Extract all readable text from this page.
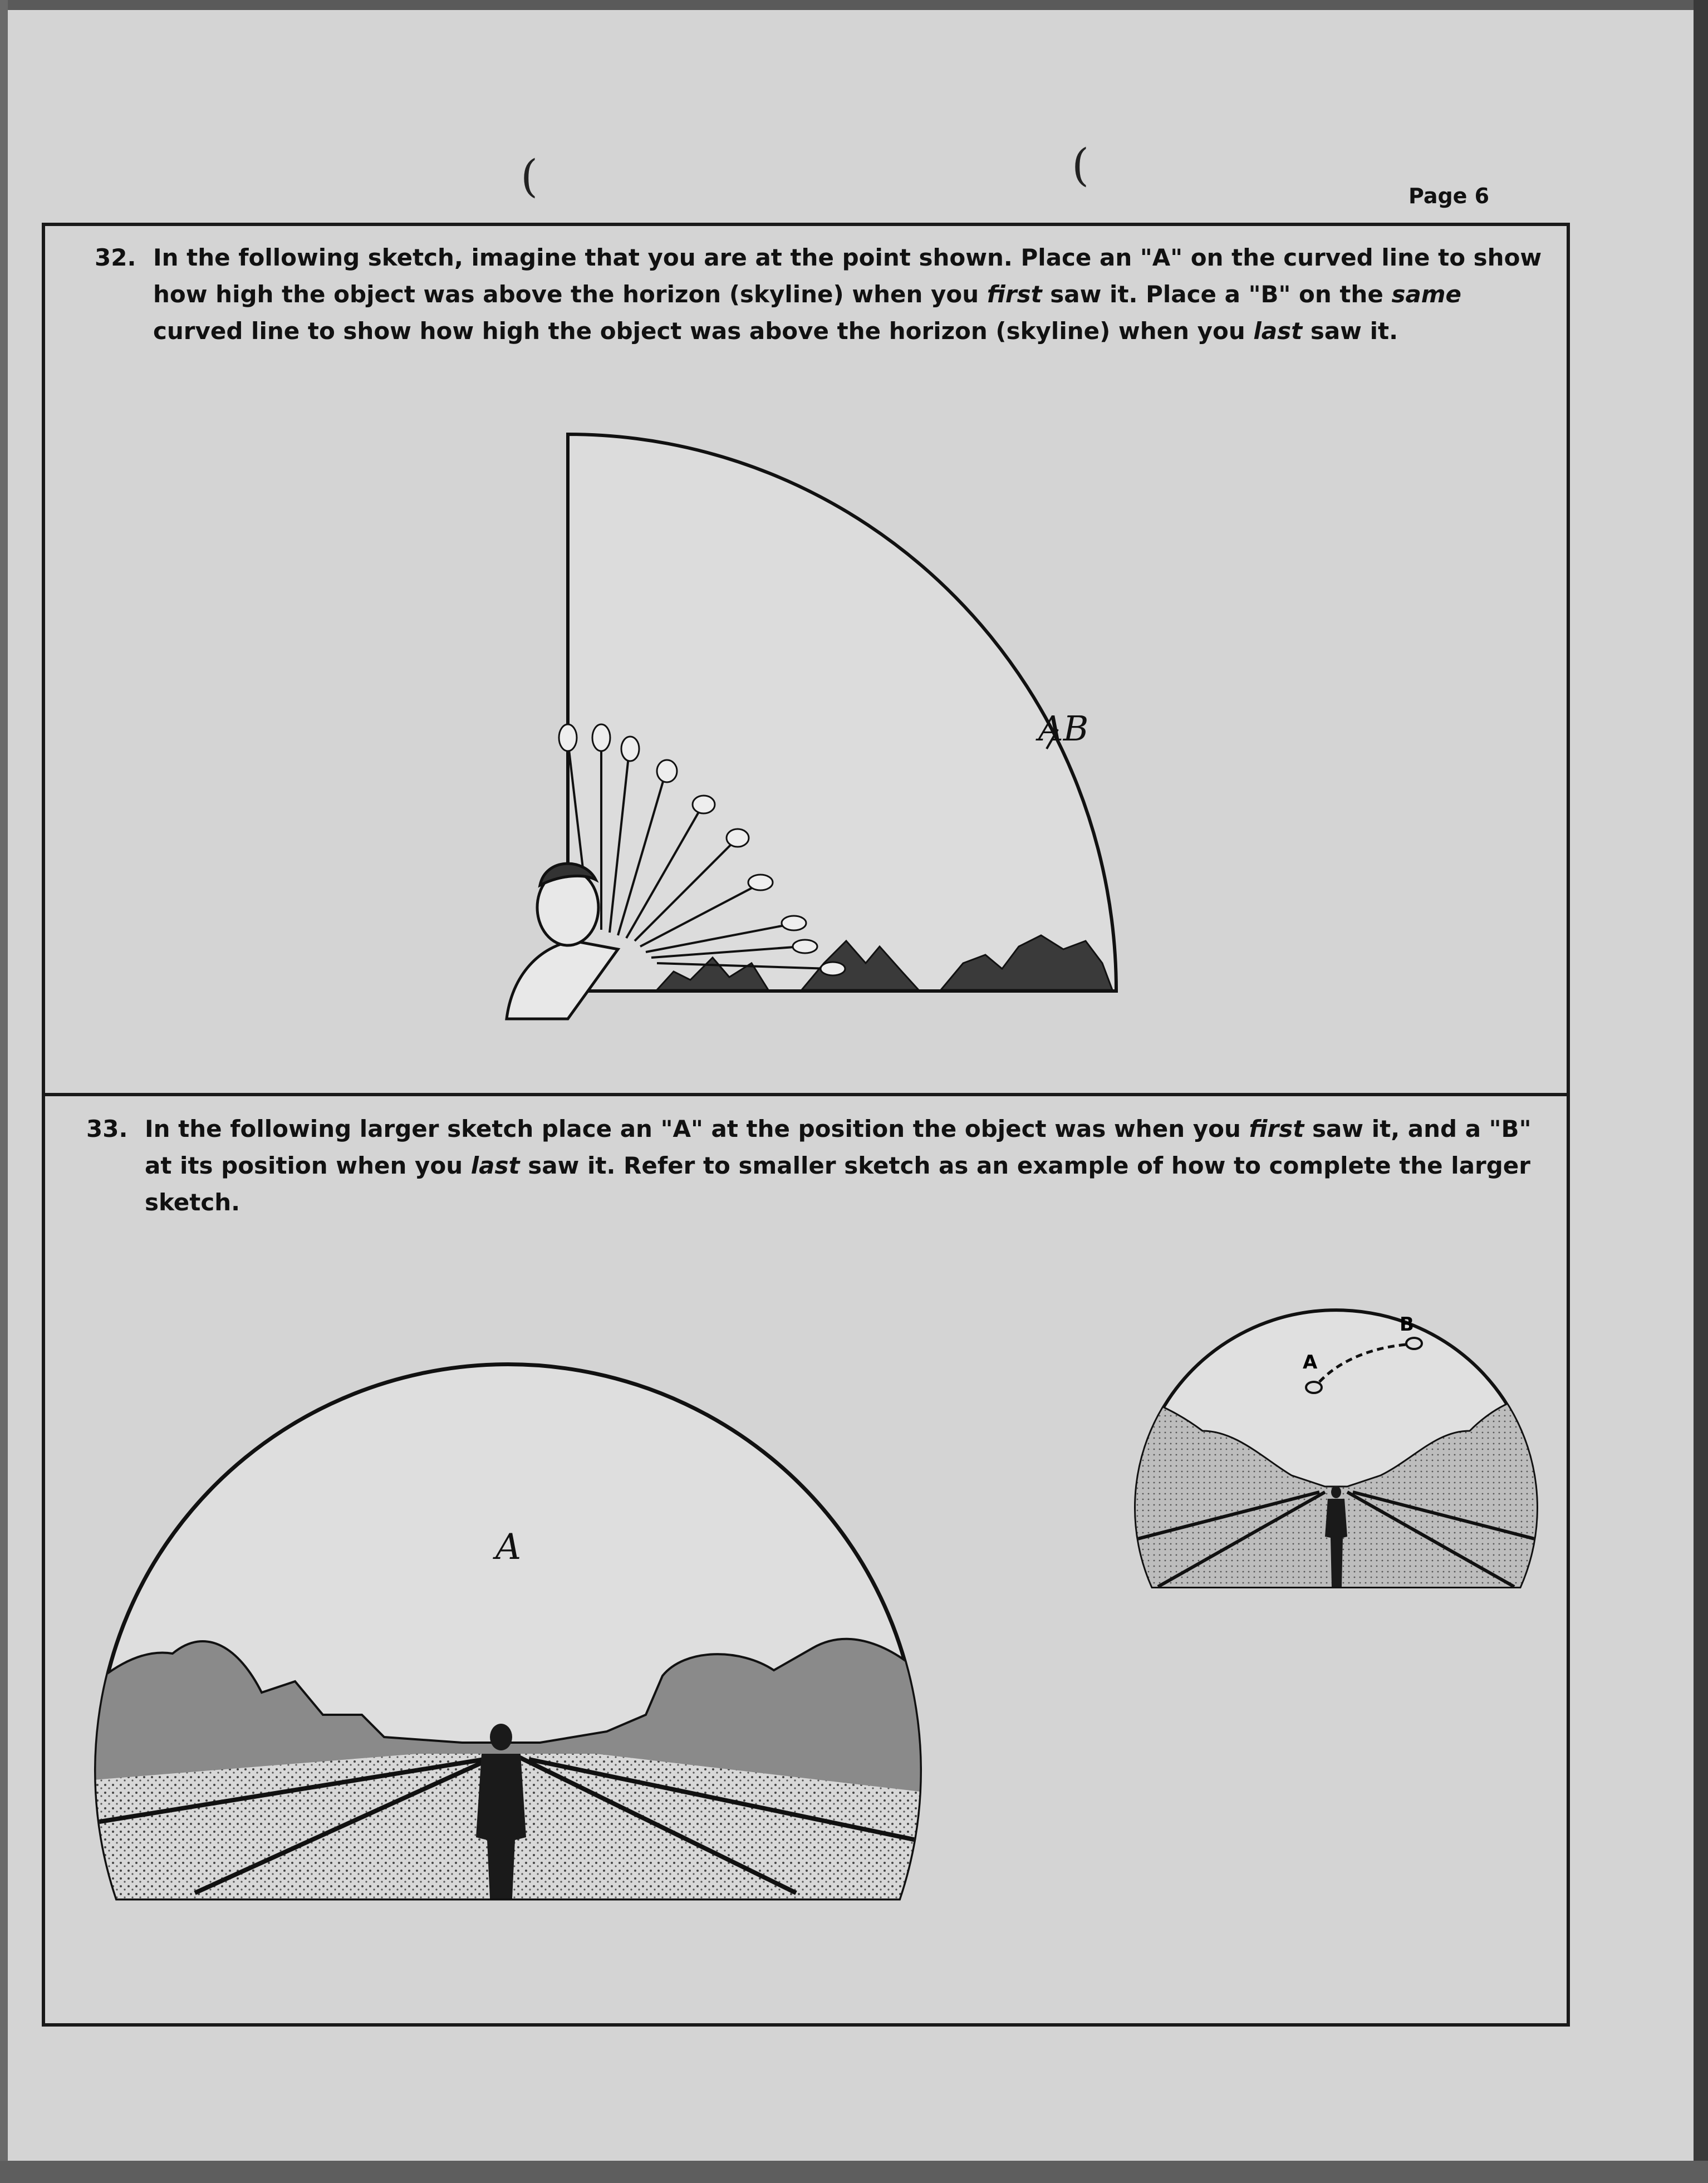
(	(
Page 6
32. In the following sketch, imagine that you are at the point shown. Place an "A" on the curved line to show how high the object was above the horizon (skyline) when you first saw it. Place a "B" on the same curved line to show how high the object was above the horizon (skyline) when you last saw it.
AB
33. In the following larger sketch place an "A" at the position the object was when you first saw it, and a "B" at its position when you last saw it. Refer to smaller sketch as an example of how to complete the larger sketch.
A
A
B
